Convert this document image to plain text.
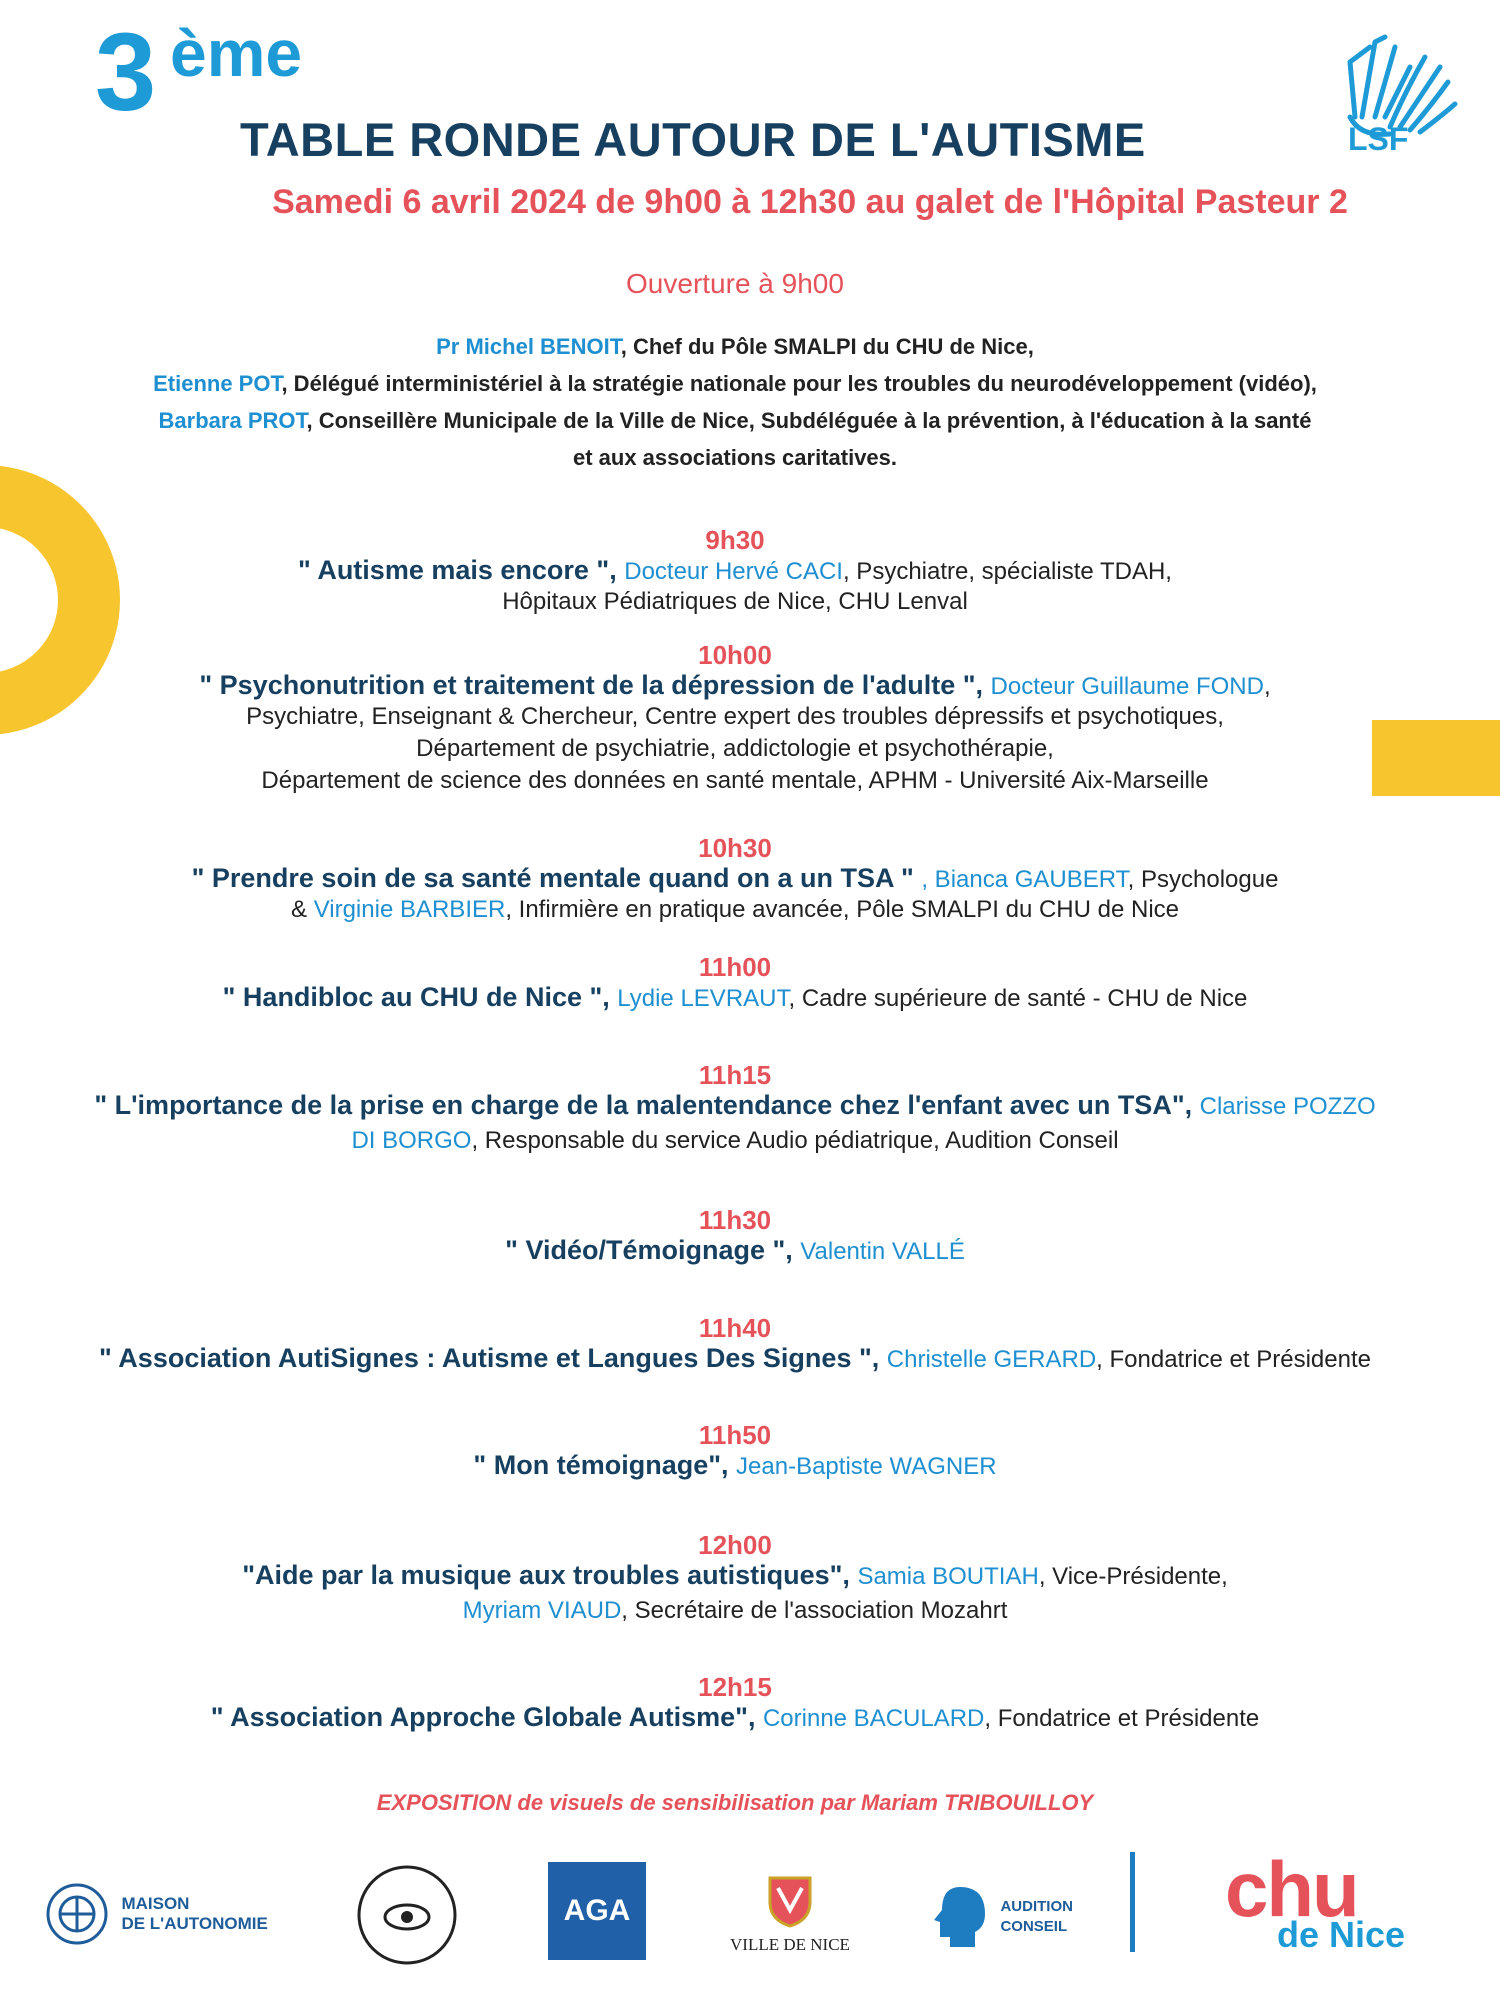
3 ème
TABLE RONDE AUTOUR DE L'AUTISME
Samedi 6 avril 2024 de 9h00 à 12h30 au galet de l'Hôpital Pasteur 2
LSF
Ouverture à 9h00
Pr Michel BENOIT, Chef du Pôle SMALPI du CHU de Nice,
Etienne POT, Délégué interministériel à la stratégie nationale pour les troubles du neurodéveloppement (vidéo),
Barbara PROT, Conseillère Municipale de la Ville de Nice, Subdéléguée à la prévention, à l'éducation à la santé
et aux associations caritatives.
9h30
" Autisme mais encore ", Docteur Hervé CACI, Psychiatre, spécialiste TDAH,
Hôpitaux Pédiatriques de Nice, CHU Lenval
10h00
" Psychonutrition et traitement de la dépression de l'adulte ", Docteur Guillaume FOND,
Psychiatre, Enseignant & Chercheur, Centre expert des troubles dépressifs et psychotiques,
Département de psychiatrie, addictologie et psychothérapie,
Département de science des données en santé mentale, APHM - Université Aix-Marseille
10h30
" Prendre soin de sa santé mentale quand on a un TSA " , Bianca GAUBERT, Psychologue
& Virginie BARBIER, Infirmière en pratique avancée, Pôle SMALPI du CHU de Nice
11h00
" Handibloc au CHU de Nice ", Lydie LEVRAUT, Cadre supérieure de santé - CHU de Nice
11h15
" L'importance de la prise en charge de la malentendance chez l'enfant avec un TSA", Clarisse POZZO
DI BORGO, Responsable du service Audio pédiatrique, Audition Conseil
11h30
" Vidéo/Témoignage ", Valentin VALLÉ
11h40
" Association AutiSignes : Autisme et Langues Des Signes ", Christelle GERARD, Fondatrice et Présidente
11h50
" Mon témoignage", Jean-Baptiste WAGNER
12h00
"Aide par la musique aux troubles autistiques", Samia BOUTIAH, Vice-Présidente,
Myriam VIAUD, Secrétaire de l'association Mozahrt
12h15
" Association Approche Globale Autisme", Corinne BACULARD, Fondatrice et Présidente
EXPOSITION de visuels de sensibilisation par Mariam TRIBOUILLOY

MAISON
DE L'AUTONOMIE	AGA
VILLE DE NICE

AUDITION
CONSEIL chu
de Nice
